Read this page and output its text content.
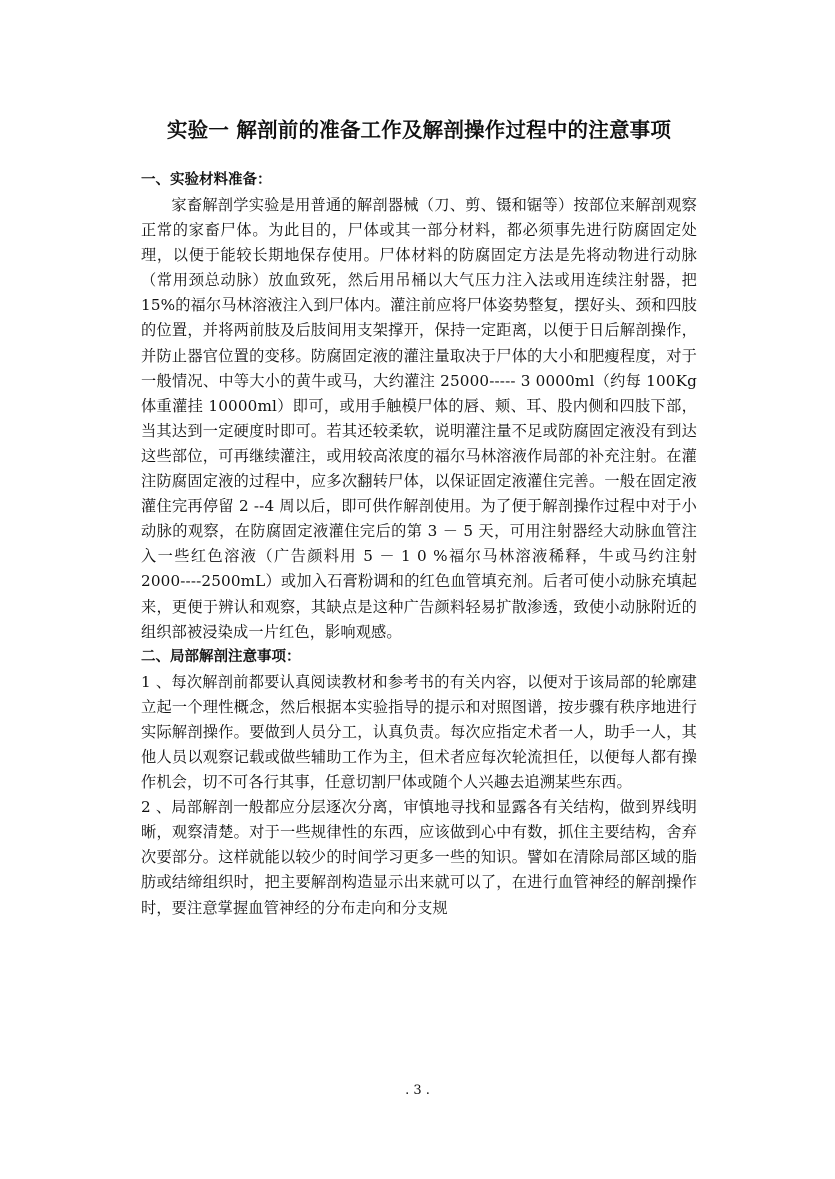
实验一 解剖前的准备工作及解剖操作过程中的注意事项
一、实验材料准备：

家畜解剖学实验是用普通的解剖器械（刀、剪、镊和锯等）按部位来解剖观察正常的家畜尸体。为此目的，尸体或其一部分材料，都必须事先进行防腐固定处理，以便于能较长期地保存使用。尸体材料的防腐固定方法是先将动物进行动脉（常用颈总动脉）放血致死，然后用吊桶以大气压力注入法或用连续注射器，把 15%的福尔马林溶液注入到尸体内。灌注前应将尸体姿势整复，摆好头、颈和四肢的位置，并将两前肢及后肢间用支架撑开，保持一定距离，以便于日后解剖操作，并防止器官位置的变移。防腐固定液的灌注量取决于尸体的大小和肥瘦程度，对于一般情况、中等大小的黄牛或马，大约灌注 25000----- 3 0000ml（约每 100Kg 体重灌挂 10000ml）即可，或用手触模尸体的唇、颊、耳、股内侧和四肢下部，当其达到一定硬度时即可。若其还较柔软，说明灌注量不足或防腐固定液没有到达这些部位，可再继续灌注，或用较高浓度的福尔马林溶液作局部的补充注射。在灌注防腐固定液的过程中，应多次翻转尸体，以保证固定液灌住完善。一般在固定液灌住完再停留 2 --4 周以后，即可供作解剖使用。为了便于解剖操作过程中对于小动脉的观察，在防腐固定液灌住完后的第 3 － 5 天，可用注射器经大动脉血管注入一些红色溶液（广告颜料用 5 － 1 0 %福尔马林溶液稀释，牛或马约注射 2000----2500mL）或加入石膏粉调和的红色血管填充剂。后者可使小动脉充填起来，更便于辨认和观察，其缺点是这种广告颜料轻易扩散渗透，致使小动脉附近的组织部被浸染成一片红色，影响观感。

二、局部解剖注意事项：

1 、每次解剖前都要认真阅读教材和参考书的有关内容，以便对于该局部的轮廓建立起一个理性概念，然后根据本实验指导的提示和对照图谱，按步骤有秩序地进行实际解剖操作。要做到人员分工，认真负责。每次应指定术者一人，助手一人，其他人员以观察记载或做些辅助工作为主，但术者应每次轮流担任，以便每人都有操作机会，切不可各行其事，任意切割尸体或随个人兴趣去追溯某些东西。

2 、局部解剖一般都应分层逐次分离，审慎地寻找和显露各有关结构，做到界线明晰，观察清楚。对于一些规律性的东西，应该做到心中有数，抓住主要结构，舍弃次要部分。这样就能以较少的时间学习更多一些的知识。譬如在清除局部区域的脂肪或结缔组织时，把主要解剖构造显示出来就可以了，在进行血管神经的解剖操作时，要注意掌握血管神经的分布走向和分支规

. 3 .
